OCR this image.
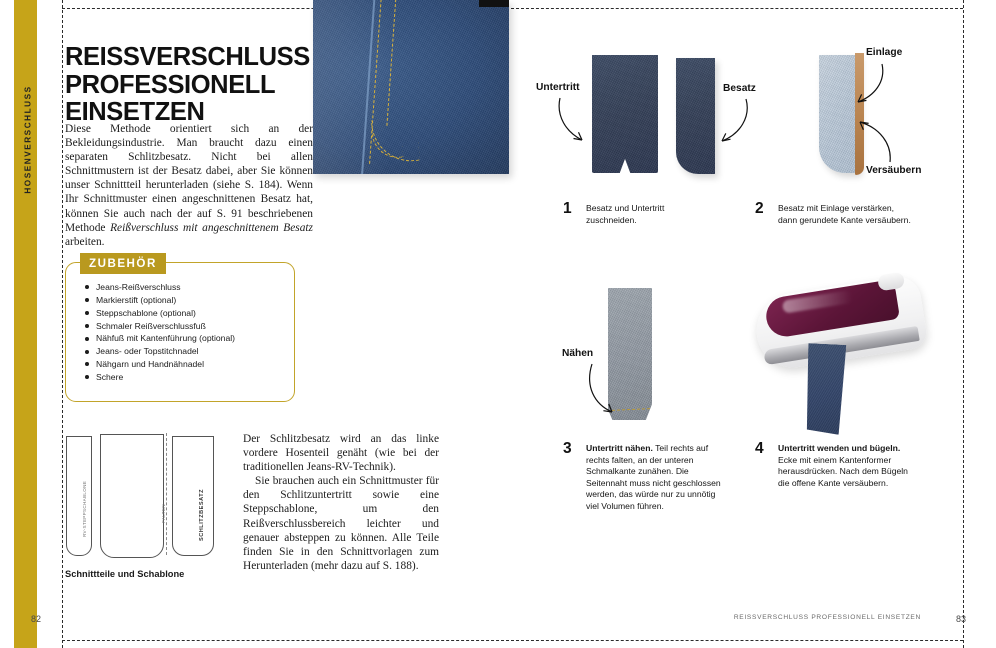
HOSENVERSCHLUSS
REISSVERSCHLUSS
PROFESSIONELL
EINSETZEN
Diese Methode orientiert sich an der Bekleidungsindustrie. Man braucht dazu einen separaten Schlitzbesatz. Nicht bei allen Schnittmustern ist der Besatz dabei, aber Sie können unser Schnittteil herunterladen (siehe S. 184). Wenn Ihr Schnittmuster einen angeschnittenen Besatz hat, können Sie auch nach der auf S. 91 beschriebenen Methode Reißverschluss mit angeschnittenem Besatz arbeiten.
ZUBEHÖR
Jeans-Reißverschluss
Markierstift (optional)
Steppschablone (optional)
Schmaler Reißverschlussfuß
Nähfuß mit Kantenführung (optional)
Jeans- oder Topstitchnadel
Nähgarn und Handnähnadel
Schere
RV-STEPPSCHABLONE	FALTEN	SCHLITZBESATZ
Schnittteile und Schablone

Der Schlitzbesatz wird an das linke vordere Hosenteil genäht (wie bei der traditionellen Jeans-RV-Technik).

Sie brauchen auch ein Schnittmuster für den Schlitzuntertritt sowie eine Steppschablone, um den Reißverschlussbereich leichter und genauer absteppen zu können. Alle Teile finden Sie in den Schnittvorlagen zum Herunterladen (mehr dazu auf S. 188).

Untertritt	Besatz
1 Besatz und Untertritt zuschneiden.
Einlage
Versäubern
2 Besatz mit Einlage verstärken, dann gerundete Kante versäubern.
Nähen
3 Untertritt nähen. Teil rechts auf rechts falten, an der unteren Schmalkante zunähen. Die Seitennaht muss nicht geschlossen werden, das würde nur zu unnötig viel Volumen führen.
4 Untertritt wenden und bügeln. Ecke mit einem Kantenformer herausdrücken. Nach dem Bügeln die offene Kante versäubern.
82	REISSVERSCHLUSS PROFESSIONELL EINSETZEN	83
